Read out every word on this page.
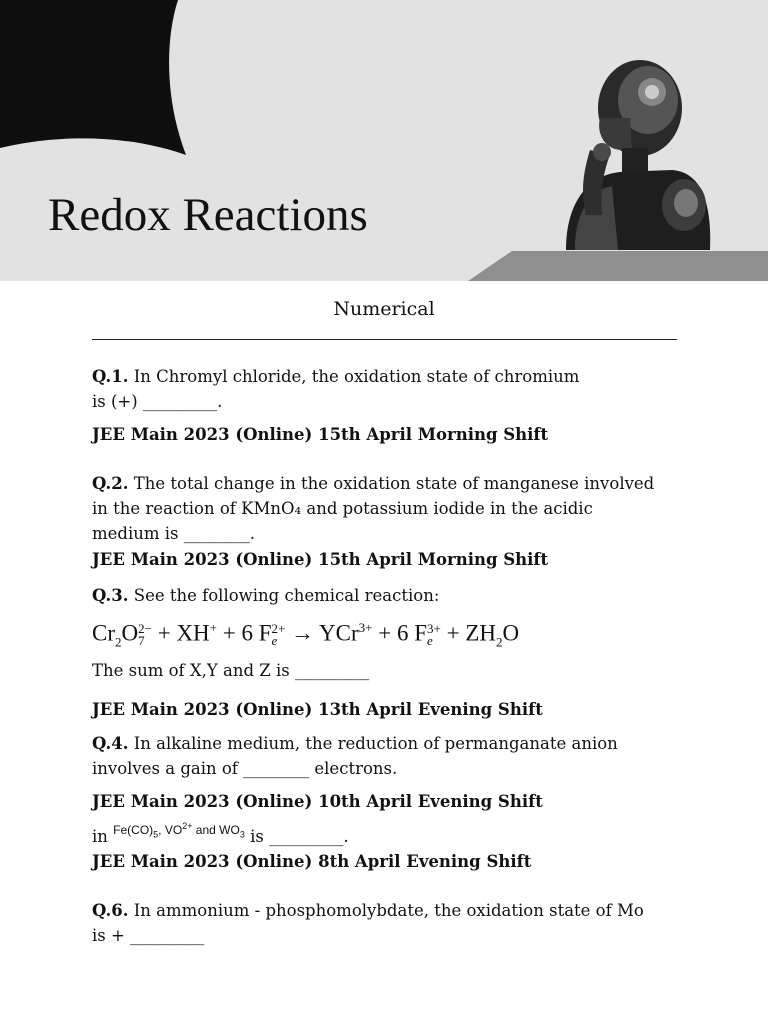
Redox Reactions
Numerical
Q.1. In Chromyl chloride, the oxidation state of chromium
is (+) _________.
JEE Main 2023 (Online) 15th April Morning Shift
Q.2. The total change in the oxidation state of manganese involved
in the reaction of KMnO₄ and potassium iodide in the acidic
medium is ________.
JEE Main 2023 (Online) 15th April Morning Shift
Q.3. See the following chemical reaction:
$Cr_2O$ 2−
7 + XH+ + 6 F 2+
e → YCr$^{3+}$ + 6 F 3+
$e + ZH_2O$
The sum of X,Y and Z is _________
JEE Main 2023 (Online) 13th April Evening Shift
Q.4. In alkaline medium, the reduction of permanganate anion
involves a gain of ________ electrons.
JEE Main 2023 (Online) 10th April Evening Shift
in $^{Fe(CO)_5, VO^{2+} and WO_3}$ is _________.
JEE Main 2023 (Online) 8th April Evening Shift
Q.6. In ammonium - phosphomolybdate, the oxidation state of Mo
is + _________
